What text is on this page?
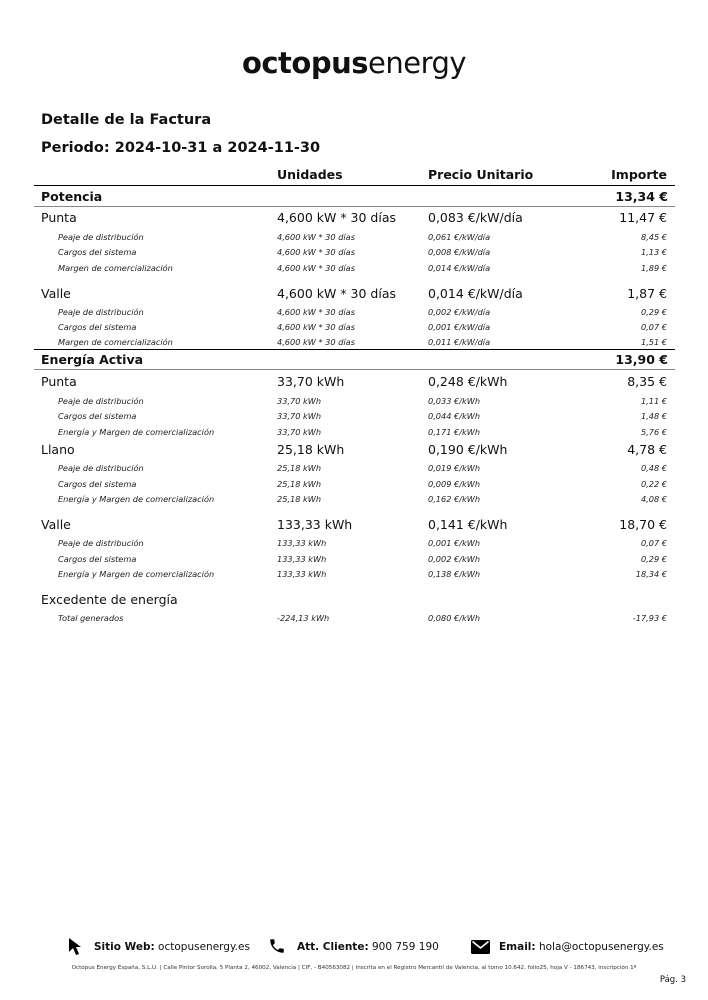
octopusenergy
Detalle de la Factura
Periodo: 2024-10-31 a 2024-11-30
Unidades	Precio Unitario	Importe
Potencia	13,34 €
Punta	4,600 kW * 30 días	0,083 €/kW/día	11,47 €
Peaje de distribución	4,600 kW * 30 días	0,061 €/kW/día	8,45 €
Cargos del sistema	4,600 kW * 30 días	0,008 €/kW/día	1,13 €
Margen de comercialización	4,600 kW * 30 días	0,014 €/kW/día	1,89 €
Valle	4,600 kW * 30 días	0,014 €/kW/día	1,87 €
Peaje de distribución	4,600 kW * 30 días	0,002 €/kW/día	0,29 €
Cargos del sistema	4,600 kW * 30 días	0,001 €/kW/día	0,07 €
Margen de comercialización	4,600 kW * 30 días	0,011 €/kW/día	1,51 €
Energía Activa	13,90 €
Punta	33,70 kWh	0,248 €/kWh	8,35 €
Peaje de distribución	33,70 kWh	0,033 €/kWh	1,11 €
Cargos del sistema	33,70 kWh	0,044 €/kWh	1,48 €
Energía y Margen de comercialización	33,70 kWh	0,171 €/kWh	5,76 €
Llano	25,18 kWh	0,190 €/kWh	4,78 €
Peaje de distribución	25,18 kWh	0,019 €/kWh	0,48 €
Cargos del sistema	25,18 kWh	0,009 €/kWh	0,22 €
Energía y Margen de comercialización	25,18 kWh	0,162 €/kWh	4,08 €
Valle	133,33 kWh	0,141 €/kWh	18,70 €
Peaje de distribución	133,33 kWh	0,001 €/kWh	0,07 €
Cargos del sistema	133,33 kWh	0,002 €/kWh	0,29 €
Energía y Margen de comercialización	133,33 kWh	0,138 €/kWh	18,34 €
Excedente de energía
Total generados	-224,13 kWh	0,080 €/kWh	-17,93 €
Sitio Web: octopusenergy.es	Att. Cliente: 900 759 190	Email: hola@octopusenergy.es
Octopus Energy España, S.L.U. | Calle Pintor Sorolla, 5 Planta 2, 46002, Valencia | CIF, - B40563082 | Inscrita en el Registro Mercantil de Valencia, al tomo 10.642, folio25, hoja V - 186743, inscripción 1ª
Pág. 3
